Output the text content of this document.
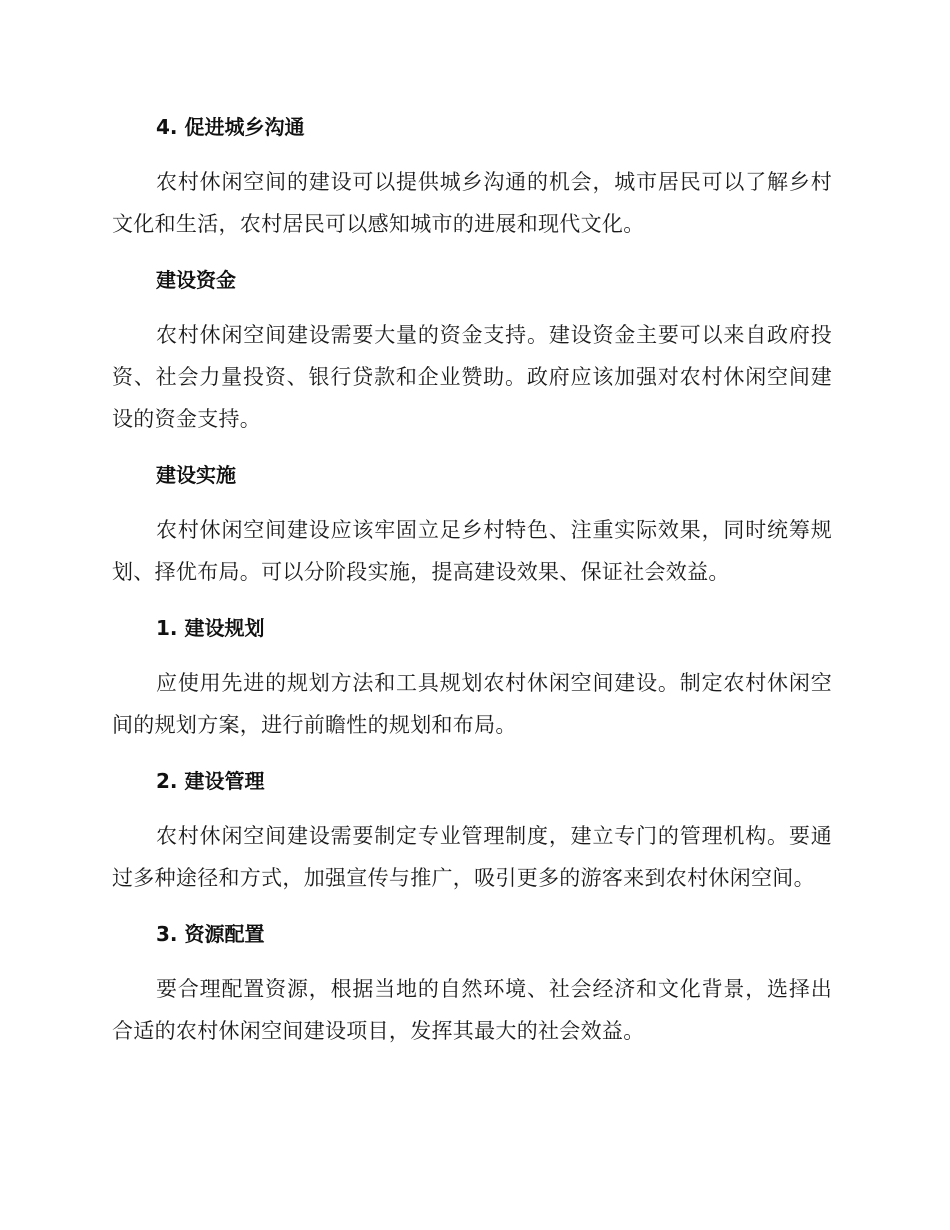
4. 促进城乡沟通

农村休闲空间的建设可以提供城乡沟通的机会，城市居民可以了解乡村文化和生活，农村居民可以感知城市的进展和现代文化。

建设资金

农村休闲空间建设需要大量的资金支持。建设资金主要可以来自政府投资、社会力量投资、银行贷款和企业赞助。政府应该加强对农村休闲空间建设的资金支持。

建设实施

农村休闲空间建设应该牢固立足乡村特色、注重实际效果，同时统筹规划、择优布局。可以分阶段实施，提高建设效果、保证社会效益。

1. 建设规划

应使用先进的规划方法和工具规划农村休闲空间建设。制定农村休闲空间的规划方案，进行前瞻性的规划和布局。

2. 建设管理

农村休闲空间建设需要制定专业管理制度，建立专门的管理机构。要通过多种途径和方式，加强宣传与推广，吸引更多的游客来到农村休闲空间。

3. 资源配置

要合理配置资源，根据当地的自然环境、社会经济和文化背景，选择出合适的农村休闲空间建设项目，发挥其最大的社会效益。
